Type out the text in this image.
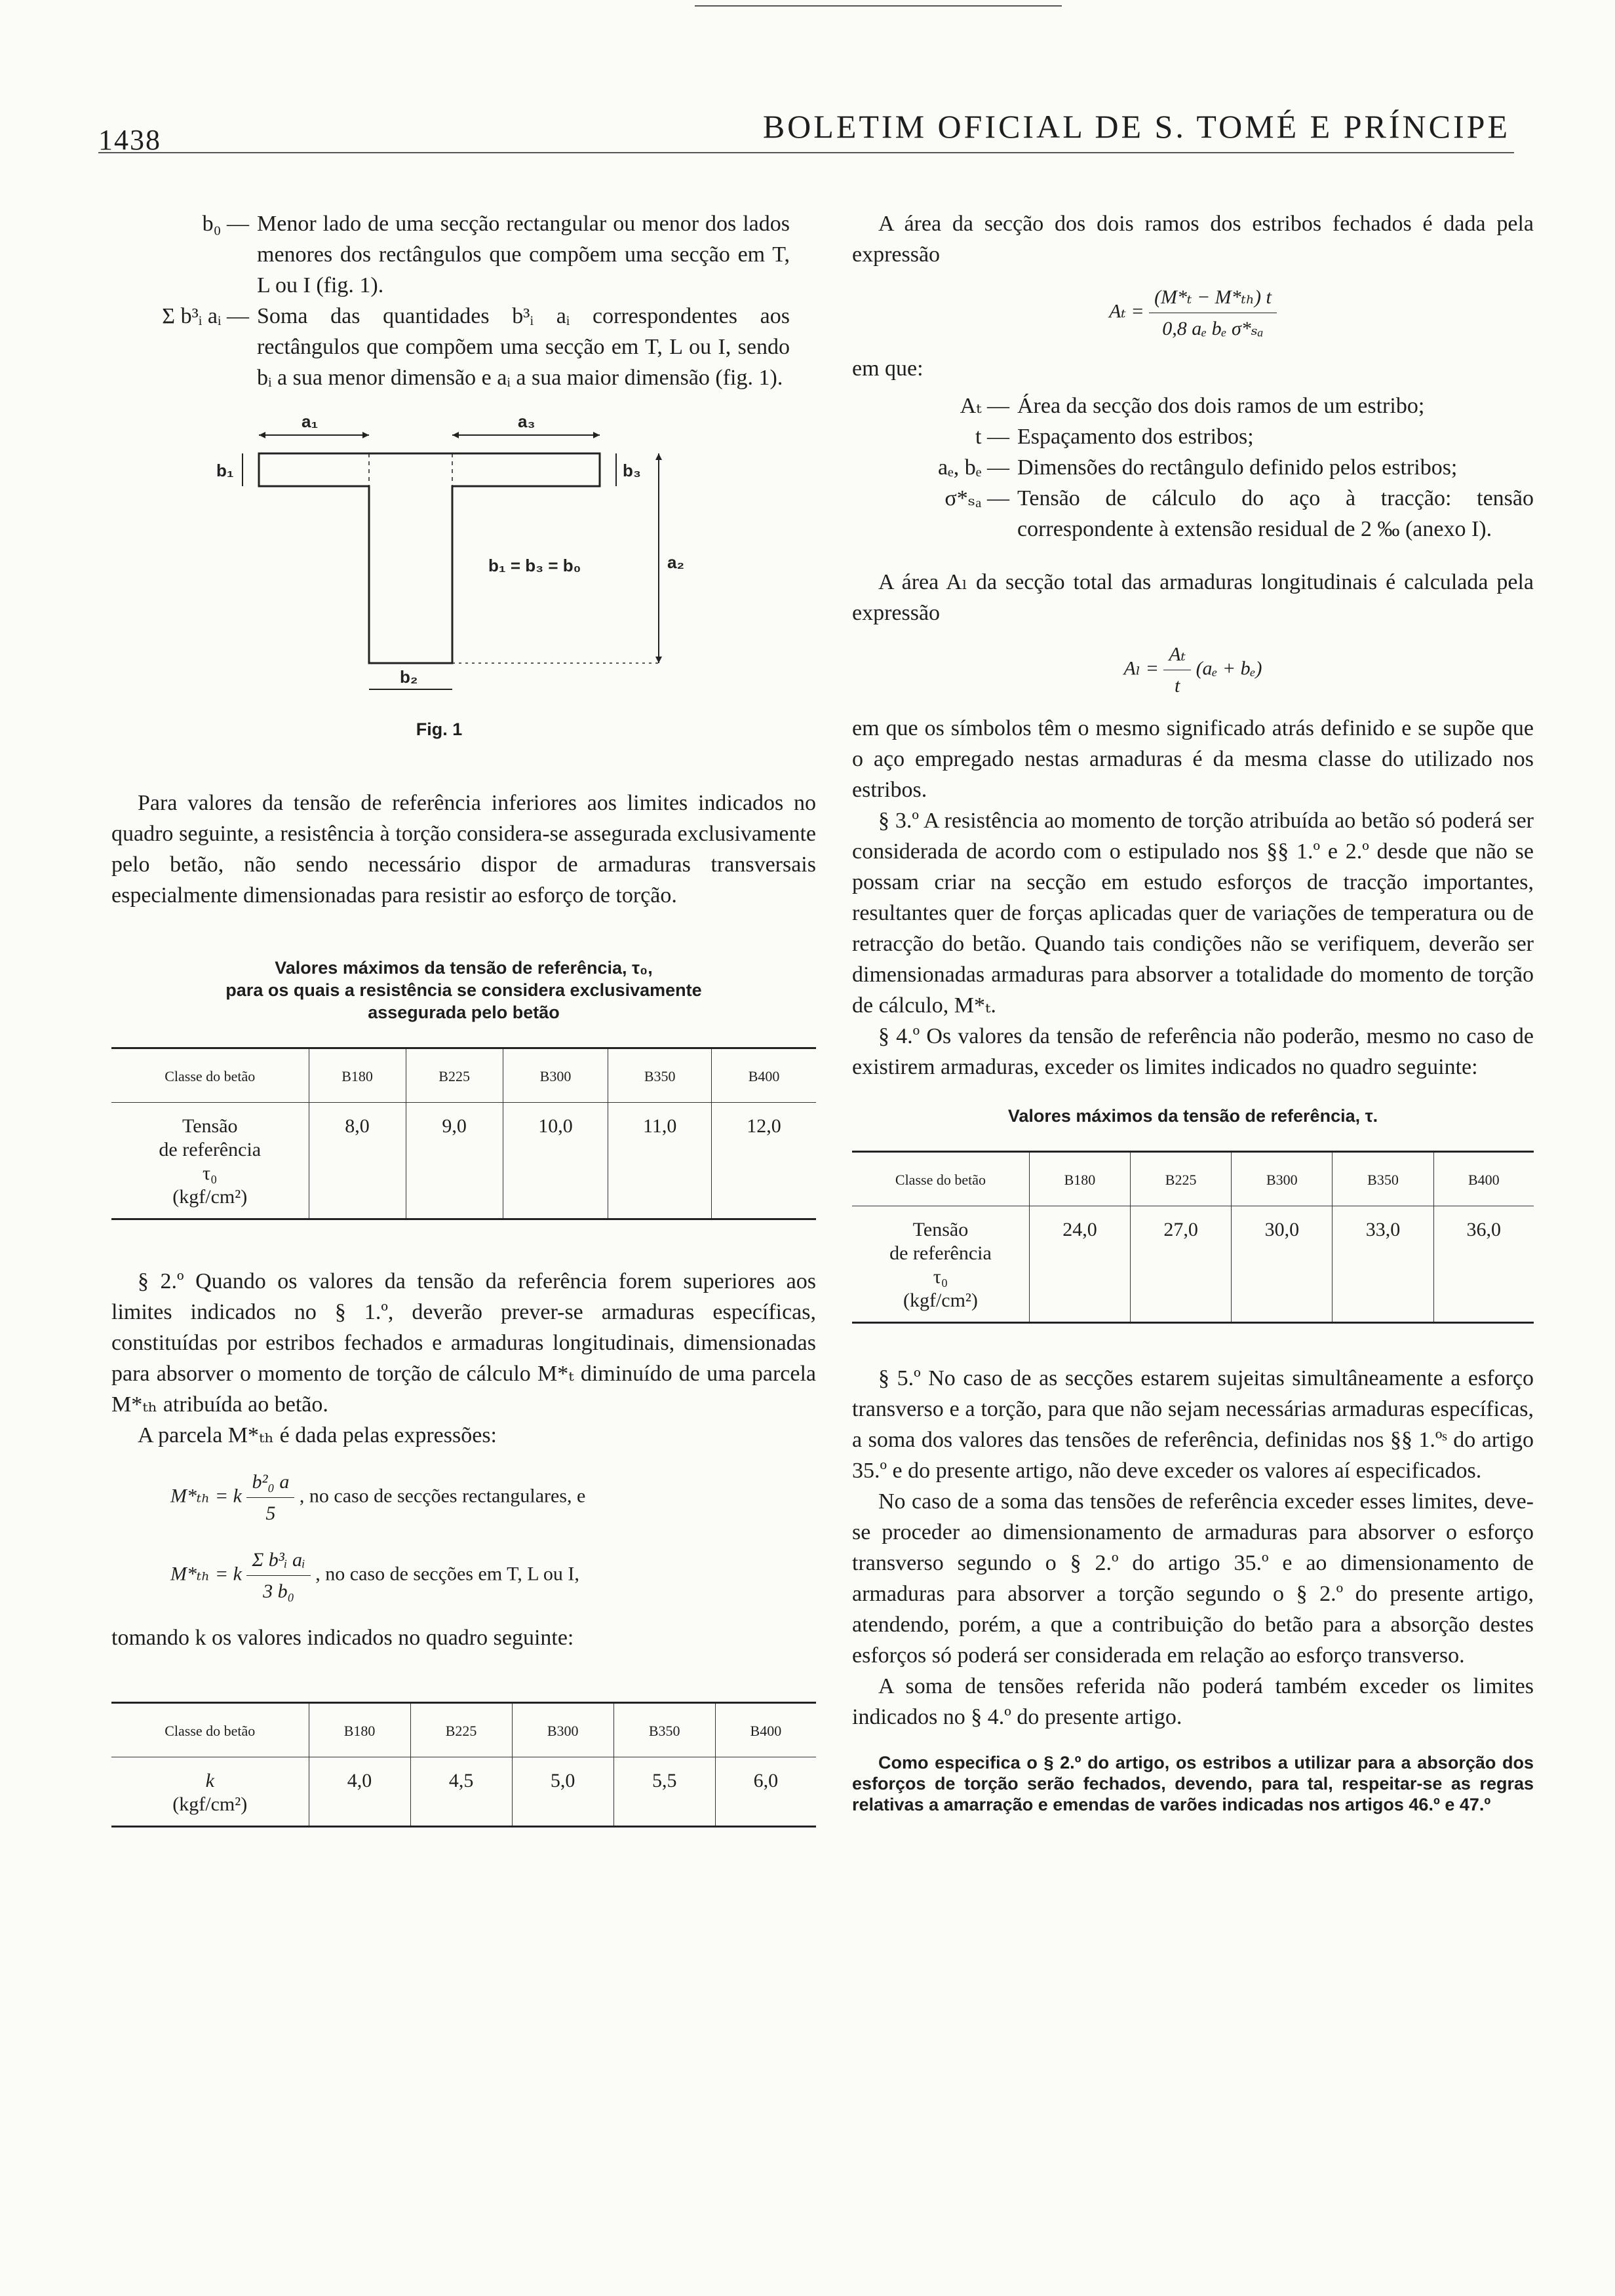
1438	BOLETIM OFICIAL DE S. TOMÉ E PRÍNCIPE
b₀ — Menor lado de uma secção rectangular ou menor dos lados menores dos rectângulos que compõem uma secção em T, L ou I (fig. 1).
Σ b³ᵢ aᵢ — Soma das quantidades b³ᵢ aᵢ correspondentes aos rectângulos que compõem uma secção em T, L ou I, sendo bᵢ a sua menor dimensão e aᵢ a sua maior dimensão (fig. 1).
a₁	a₃
b₁	b₃
a₂
b₁ = b₃ = b₀
b₂
Fig. 1

Para valores da tensão de referência inferiores aos limites indicados no quadro seguinte, a resistência à torção considera-se assegurada exclusivamente pelo betão, não sendo necessário dispor de armaduras transversais especialmente dimensionadas para resistir ao esforço de torção.

Valores máximos da tensão de referência, τ₀,

para os quais a resistência se considera exclusivamente

assegurada pelo betão

Classe do betão	B180	B225	B300	B350	B400

Tensão
de referência
τ₀
(kgf/cm²)	8,0	9,0	10,0	11,0	12,0

§ 2.º Quando os valores da tensão da referência forem superiores aos limites indicados no § 1.º, deverão prever-se armaduras específicas, constituídas por estribos fechados e armaduras longitudinais, dimensionadas para absorver o momento de torção de cálculo M*ₜ diminuído de uma parcela M*ₜₕ atribuída ao betão.

A parcela M*ₜₕ é dada pelas expressões:

M*ₜₕ = k $\frac{\text{b²₀ a}}{5}$ , no caso de secções rectangulares, e
M*ₜₕ = k $\frac{\text{Σ b³ᵢ aᵢ}}{\text{3 b₀}}$ , no caso de secções em T, L ou I,

tomando k os valores indicados no quadro seguinte:

Classe do betão	B180	B225	B300	B350	B400

k
(kgf/cm²)	4,0	4,5	5,0	5,5	6,0

A área da secção dos dois ramos dos estribos fechados é dada pela expressão

$A_t = \frac{\text{(M*ₜ − M*ₜₕ) t}}{\text{0,8 aₑ bₑ σ*ₛₐ}}$

em que:

Aₜ — Área da secção dos dois ramos de um estribo;
t — Espaçamento dos estribos;
aₑ, bₑ — Dimensões do rectângulo definido pelos estribos;
σ*ₛₐ — Tensão de cálculo do aço à tracção: tensão correspondente à extensão residual de 2 ‰ (anexo I).

A área Aₗ da secção total das armaduras longitudinais é calculada pela expressão

$A_l = \frac{\text{Aₜ}}{t} (a_e + b_e)$

em que os símbolos têm o mesmo significado atrás definido e se supõe que o aço empregado nestas armaduras é da mesma classe do utilizado nos estribos.

§ 3.º A resistência ao momento de torção atribuída ao betão só poderá ser considerada de acordo com o estipulado nos §§ 1.º e 2.º desde que não se possam criar na secção em estudo esforços de tracção importantes, resultantes quer de forças aplicadas quer de variações de temperatura ou de retracção do betão. Quando tais condições não se verifiquem, deverão ser dimensionadas armaduras para absorver a totalidade do momento de torção de cálculo, M*ₜ.

§ 4.º Os valores da tensão de referência não poderão, mesmo no caso de existirem armaduras, exceder os limites indicados no quadro seguinte:

Valores máximos da tensão de referência, τ.

Classe do betão	B180	B225	B300	B350	B400

Tensão
de referência
τ₀
(kgf/cm²)	24,0	27,0	30,0	33,0	36,0

§ 5.º No caso de as secções estarem sujeitas simultâneamente a esforço transverso e a torção, para que não sejam necessárias armaduras específicas, a soma dos valores das tensões de referência, definidas nos §§ 1.ºˢ do artigo 35.º e do presente artigo, não deve exceder os valores aí especificados.

No caso de a soma das tensões de referência exceder esses limites, deve-se proceder ao dimensionamento de armaduras para absorver o esforço transverso segundo o § 2.º do artigo 35.º e ao dimensionamento de armaduras para absorver a torção segundo o § 2.º do presente artigo, atendendo, porém, a que a contribuição do betão para a absorção destes esforços só poderá ser considerada em relação ao esforço transverso.

A soma de tensões referida não poderá também exceder os limites indicados no § 4.º do presente artigo.

Como especifica o § 2.º do artigo, os estribos a utilizar para a absorção dos esforços de torção serão fechados, devendo, para tal, respeitar-se as regras relativas a amarração e emendas de varões indicadas nos artigos 46.º e 47.º
